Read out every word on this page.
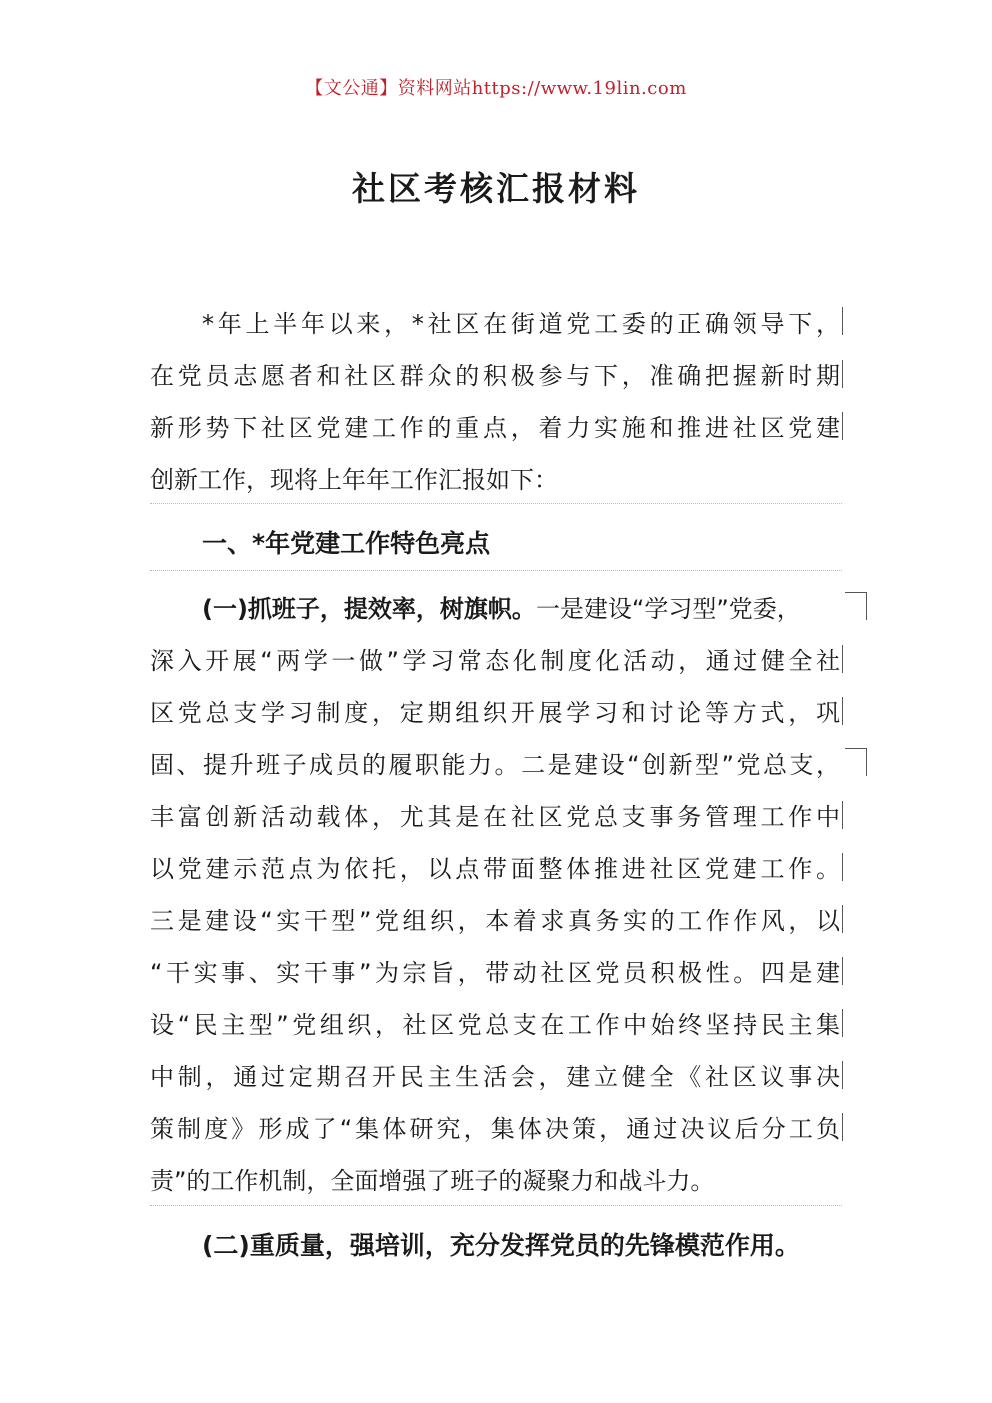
【文公通】资料网站https://www.19lin.com
社区考核汇报材料
*年上半年以来，*社区在街道党工委的正确领导下，
在党员志愿者和社区群众的积极参与下，准确把握新时期
新形势下社区党建工作的重点，着力实施和推进社区党建
创新工作，现将上年年工作汇报如下：
一、*年党建工作特色亮点
(一)抓班子，提效率，树旗帜。一是建设“学习型”党委，
深入开展“两学一做”学习常态化制度化活动，通过健全社
区党总支学习制度，定期组织开展学习和讨论等方式，巩
固、提升班子成员的履职能力。二是建设“创新型”党总支，
丰富创新活动载体，尤其是在社区党总支事务管理工作中
以党建示范点为依托，以点带面整体推进社区党建工作。
三是建设“实干型”党组织，本着求真务实的工作作风，以
“干实事、实干事”为宗旨，带动社区党员积极性。四是建
设“民主型”党组织，社区党总支在工作中始终坚持民主集
中制，通过定期召开民主生活会，建立健全《社区议事决
策制度》形成了“集体研究，集体决策，通过决议后分工负
责”的工作机制，全面增强了班子的凝聚力和战斗力。
(二)重质量，强培训，充分发挥党员的先锋模范作用。
